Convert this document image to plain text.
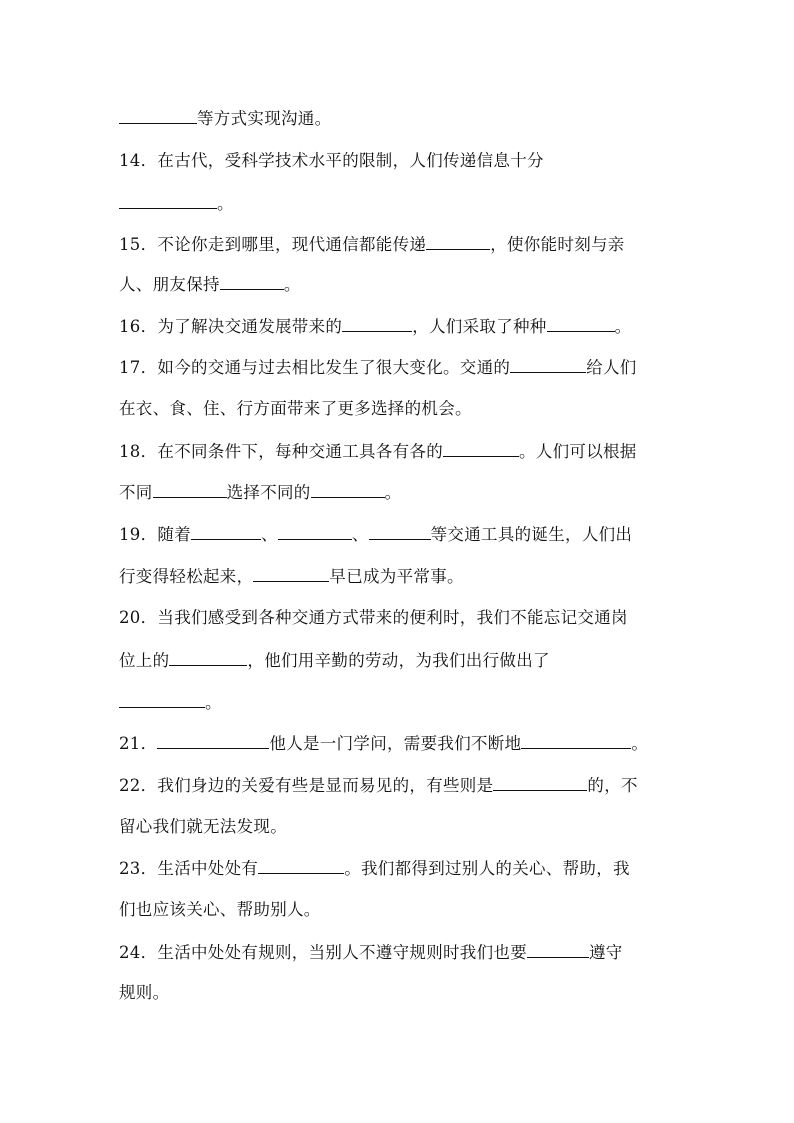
等方式实现沟通。
14．在古代，受科学技术水平的限制，人们传递信息十分
。
15．不论你走到哪里，现代通信都能传递	，使你能时刻与亲
人、朋友保持	。
16．为了解决交通发展带来的	，人们采取了种种	。
17．如今的交通与过去相比发生了很大变化。交通的	给人们
在衣、食、住、行方面带来了更多选择的机会。
18．在不同条件下，每种交通工具各有各的	。人们可以根据
不同	选择不同的	。
19．随着	、	、	等交通工具的诞生，人们出
行变得轻松起来，	早已成为平常事。
20．当我们感受到各种交通方式带来的便利时，我们不能忘记交通岗
位上的	，他们用辛勤的劳动，为我们出行做出了
。
21．	他人是一门学问，需要我们不断地	。
22．我们身边的关爱有些是显而易见的，有些则是	的，不
留心我们就无法发现。
23．生活中处处有	。我们都得到过别人的关心、帮助，我
们也应该关心、帮助别人。
24．生活中处处有规则，当别人不遵守规则时我们也要	遵守
规则。
